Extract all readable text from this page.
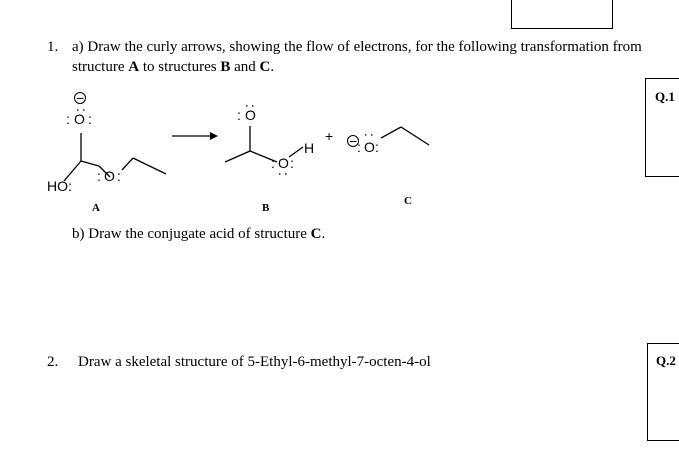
1. a) Draw the curly arrows, showing the flow of electrons, for the following transformation from
structure A to structures B and C.
Q.1
−
O
: :
:
HO :
O
: :
O
:
:
O
: :
:
H
+ − O
: :
:
A	B
C
b) Draw the conjugate acid of structure C.
2. Draw a skeletal structure of 5-Ethyl-6-methyl-7-octen-4-ol	Q.2
